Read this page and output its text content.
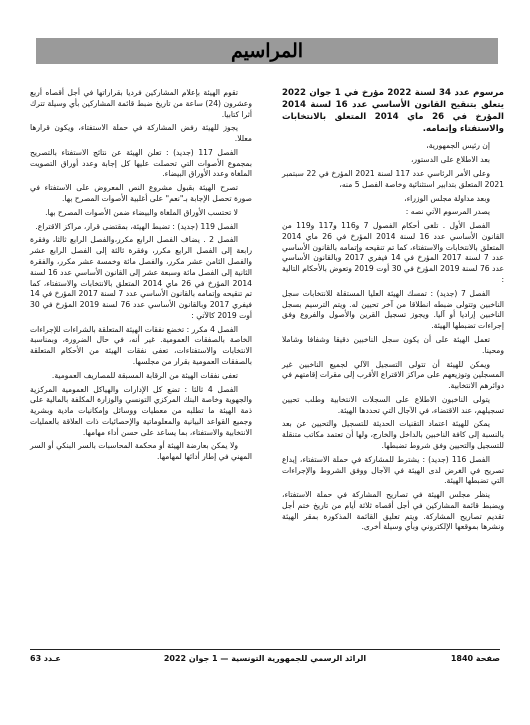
المراسيم

مرسوم عدد 34 لسنة 2022 مؤرخ في 1 جوان 2022 يتعلق بتنقيح القانون الأساسي عدد 16 لسنة 2014 المؤرخ في 26 ماي 2014 المتعلق بالانتخابات والاستفتاء وإتمامه.

إن رئيس الجمهورية،

بعد الاطلاع على الدستور،

وعلى الأمر الرئاسي عدد 117 لسنة 2021 المؤرخ في 22 سبتمبر 2021 المتعلق بتدابير استثنائية وخاصة الفصل 5 منه،

وبعد مداولة مجلس الوزراء،

يصدر المرسوم الآتي نصه :

الفصل الأول . تلغى أحكام الفصول 7 و116 و117 و119 من القانون الأساسي عدد 16 لسنة 2014 المؤرخ في 26 ماي 2014 المتعلق بالانتخابات والاستفتاء، كما تم تنقيحه وإتمامه بالقانون الأساسي عدد 7 لسنة 2017 المؤرخ في 14 فيفري 2017 وبالقانون الأساسي عدد 76 لسنة 2019 المؤرخ في 30 أوت 2019 وتعوض بالأحكام التالية :

الفصل 7 (جديد) : تمسك الهيئة العليا المستقلة للانتخابات سجل الناخبين وتتولى ضبطه انطلاقا من آخر تحيين له. ويتم الترسيم بسجل الناخبين إراديا أو آليا. ويجوز تسجيل القرين والأصول والفروع وفق إجراءات تضبطها الهيئة.

تعمل الهيئة على أن يكون سجل الناخبين دقيقا وشفافا وشاملا ومحينا.

ويمكن للهيئة أن تتولى التسجيل الآلي لجميع الناخبين غير المسجلين وتوزيعهم على مراكز الاقتراع الأقرب إلى مقرات إقامتهم في دوائرهم الانتخابية.

يتولى الناخبون الاطلاع على السجلات الانتخابية وطلب تحيين تسجيلهم، عند الاقتضاء، في الآجال التي تحددها الهيئة.

يمكن للهيئة اعتماد التقنيات الحديثة للتسجيل والتحيين عن بعد بالنسبة إلى كافة الناخبين بالداخل والخارج، ولها أن تعتمد مكاتب متنقلة للتسجيل والتحيين وفق شروط تضبطها.

الفصل 116 (جديد) : يشترط للمشاركة في حملة الاستفتاء، إيداع تصريح في الغرض لدى الهيئة في الآجال ووفق الشروط والإجراءات التي تضبطها الهيئة.

ينظر مجلس الهيئة في تصاريح المشاركة في حملة الاستفتاء، ويضبط قائمة المشاركين في أجل أقصاه ثلاثة أيام من تاريخ ختم أجل تقديم تصاريح المشاركة. ويتم تعليق القائمة المذكورة بمقر الهيئة ونشرها بموقعها الإلكتروني وبأي وسيلة أخرى.

تقوم الهيئة بإعلام المشاركين فرديا بقراراتها في أجل أقصاه أربع وعشرون (24) ساعة من تاريخ ضبط قائمة المشاركين بأي وسيلة تترك أثرا كتابيا.

يجوز للهيئة رفض المشاركة في حملة الاستفتاء، ويكون قرارها معللا.

الفصل 117 (جديد) : تعلن الهيئة عن نتائج الاستفتاء بالتصريح بمجموع الأصوات التي تحصلت عليها كل إجابة وعدد أوراق التصويت الملغاة وعدد الأوراق البيضاء.

تصرح الهيئة بقبول مشروع النص المعروض على الاستفتاء في صورة تحصل الإجابة بـ"نعم" على أغلبية الأصوات المصرح بها.

لا تحتسب الأوراق الملغاة والبيضاء ضمن الأصوات المصرح بها.

الفصل 119 (جديد) : تضبط الهيئة، بمقتضى قرار، مراكز الاقتراع.

الفصل 2 . يضاف الفصل الرابع مكرر،والفصل الرابع ثالثا، وفقرة رابعة إلى الفصل الرابع مكرر، وفقرة ثالثة إلى الفصل الرابع عشر والفصل الثامن عشر مكرر، والفصل مائة وخمسة عشر مكرر، والفقرة الثانية إلى الفصل مائة وسبعة عشر إلى القانون الأساسي عدد 16 لسنة 2014 المؤرخ في 26 ماي 2014 المتعلق بالانتخابات والاستفتاء، كما تم تنقيحه وإتمامه بالقانون الأساسي عدد 7 لسنة 2017 المؤرخ في 14 فيفري 2017 وبالقانون الأساسي عدد 76 لسنة 2019 المؤرخ في 30 أوت 2019 كالآتي :

الفصل 4 مكرر : تخضع نفقات الهيئة المتعلقة بالشراءات للإجراءات الخاصة بالصفقات العمومية. غير أنه، في حال الضرورة، وبمناسبة الانتخابات والاستفتاءات، تعفى نفقات الهيئة من الأحكام المتعلقة بالصفقات العمومية بقرار من مجلسها.

تعفى نفقات الهيئة من الرقابة المسبقة للمصاريف العمومية.

الفصل 4 ثالثا : تضع كل الإدارات والهياكل العمومية المركزية والجهوية وخاصة البنك المركزي التونسي والوزارة المكلفة بالمالية على ذمة الهيئة ما تطلبه من معطيات ووسائل وإمكانيات مادية وبشرية وجميع القواعد البيانية والمعلوماتية والإحصائيات ذات العلاقة بالعمليات الانتخابية والاستفتاء، بما يساعد على حسن أداء مهامها.

ولا يمكن بعارضة الهيئة أو محكمة المحاسبات بالسر البنكي أو السر المهني في إطار أدائها لمهامها.

صفحة 1840
الرائد الرسمي للجمهورية التونسية — 1 جوان 2022
عـدد 63
